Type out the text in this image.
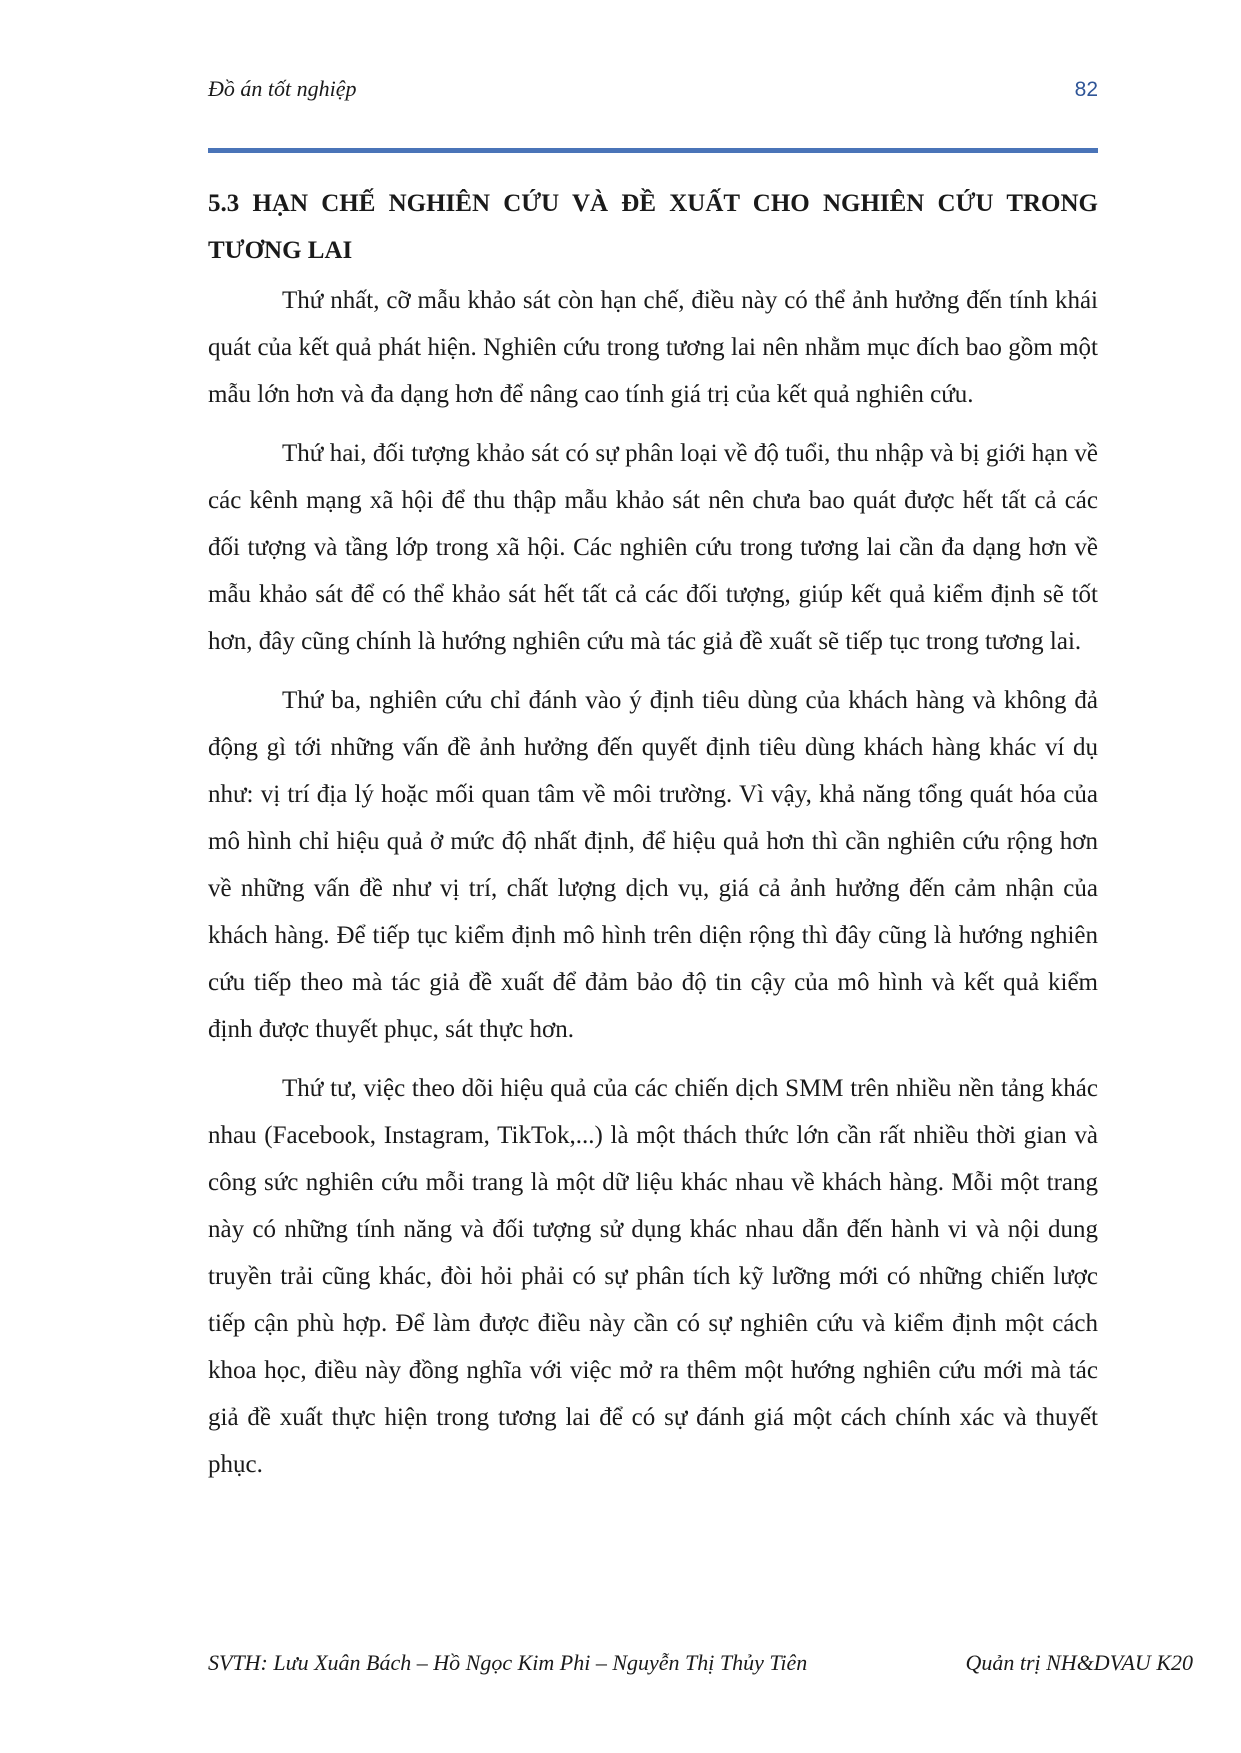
Đồ án tốt nghiệp	82
5.3 HẠN CHẾ NGHIÊN CỨU VÀ ĐỀ XUẤT CHO NGHIÊN CỨU TRONG TƯƠNG LAI

Thứ nhất, cỡ mẫu khảo sát còn hạn chế, điều này có thể ảnh hưởng đến tính khái quát của kết quả phát hiện. Nghiên cứu trong tương lai nên nhằm mục đích bao gồm một mẫu lớn hơn và đa dạng hơn để nâng cao tính giá trị của kết quả nghiên cứu.

Thứ hai, đối tượng khảo sát có sự phân loại về độ tuổi, thu nhập và bị giới hạn về các kênh mạng xã hội để thu thập mẫu khảo sát nên chưa bao quát được hết tất cả các đối tượng và tầng lớp trong xã hội. Các nghiên cứu trong tương lai cần đa dạng hơn về mẫu khảo sát để có thể khảo sát hết tất cả các đối tượng, giúp kết quả kiểm định sẽ tốt hơn, đây cũng chính là hướng nghiên cứu mà tác giả đề xuất sẽ tiếp tục trong tương lai.

Thứ ba, nghiên cứu chỉ đánh vào ý định tiêu dùng của khách hàng và không đả động gì tới những vấn đề ảnh hưởng đến quyết định tiêu dùng khách hàng khác ví dụ như: vị trí địa lý hoặc mối quan tâm về môi trường. Vì vậy, khả năng tổng quát hóa của mô hình chỉ hiệu quả ở mức độ nhất định, để hiệu quả hơn thì cần nghiên cứu rộng hơn về những vấn đề như vị trí, chất lượng dịch vụ, giá cả ảnh hưởng đến cảm nhận của khách hàng. Để tiếp tục kiểm định mô hình trên diện rộng thì đây cũng là hướng nghiên cứu tiếp theo mà tác giả đề xuất để đảm bảo độ tin cậy của mô hình và kết quả kiểm định được thuyết phục, sát thực hơn.

Thứ tư, việc theo dõi hiệu quả của các chiến dịch SMM trên nhiều nền tảng khác nhau (Facebook, Instagram, TikTok,...) là một thách thức lớn cần rất nhiều thời gian và công sức nghiên cứu mỗi trang là một dữ liệu khác nhau về khách hàng. Mỗi một trang này có những tính năng và đối tượng sử dụng khác nhau dẫn đến hành vi và nội dung truyền trải cũng khác, đòi hỏi phải có sự phân tích kỹ lưỡng mới có những chiến lược tiếp cận phù hợp. Để làm được điều này cần có sự nghiên cứu và kiểm định một cách khoa học, điều này đồng nghĩa với việc mở ra thêm một hướng nghiên cứu mới mà tác giả đề xuất thực hiện trong tương lai để có sự đánh giá một cách chính xác và thuyết phục.

SVTH: Lưu Xuân Bách – Hồ Ngọc Kim Phi – Nguyễn Thị Thủy Tiên	Quản trị NH&DVAU K20
